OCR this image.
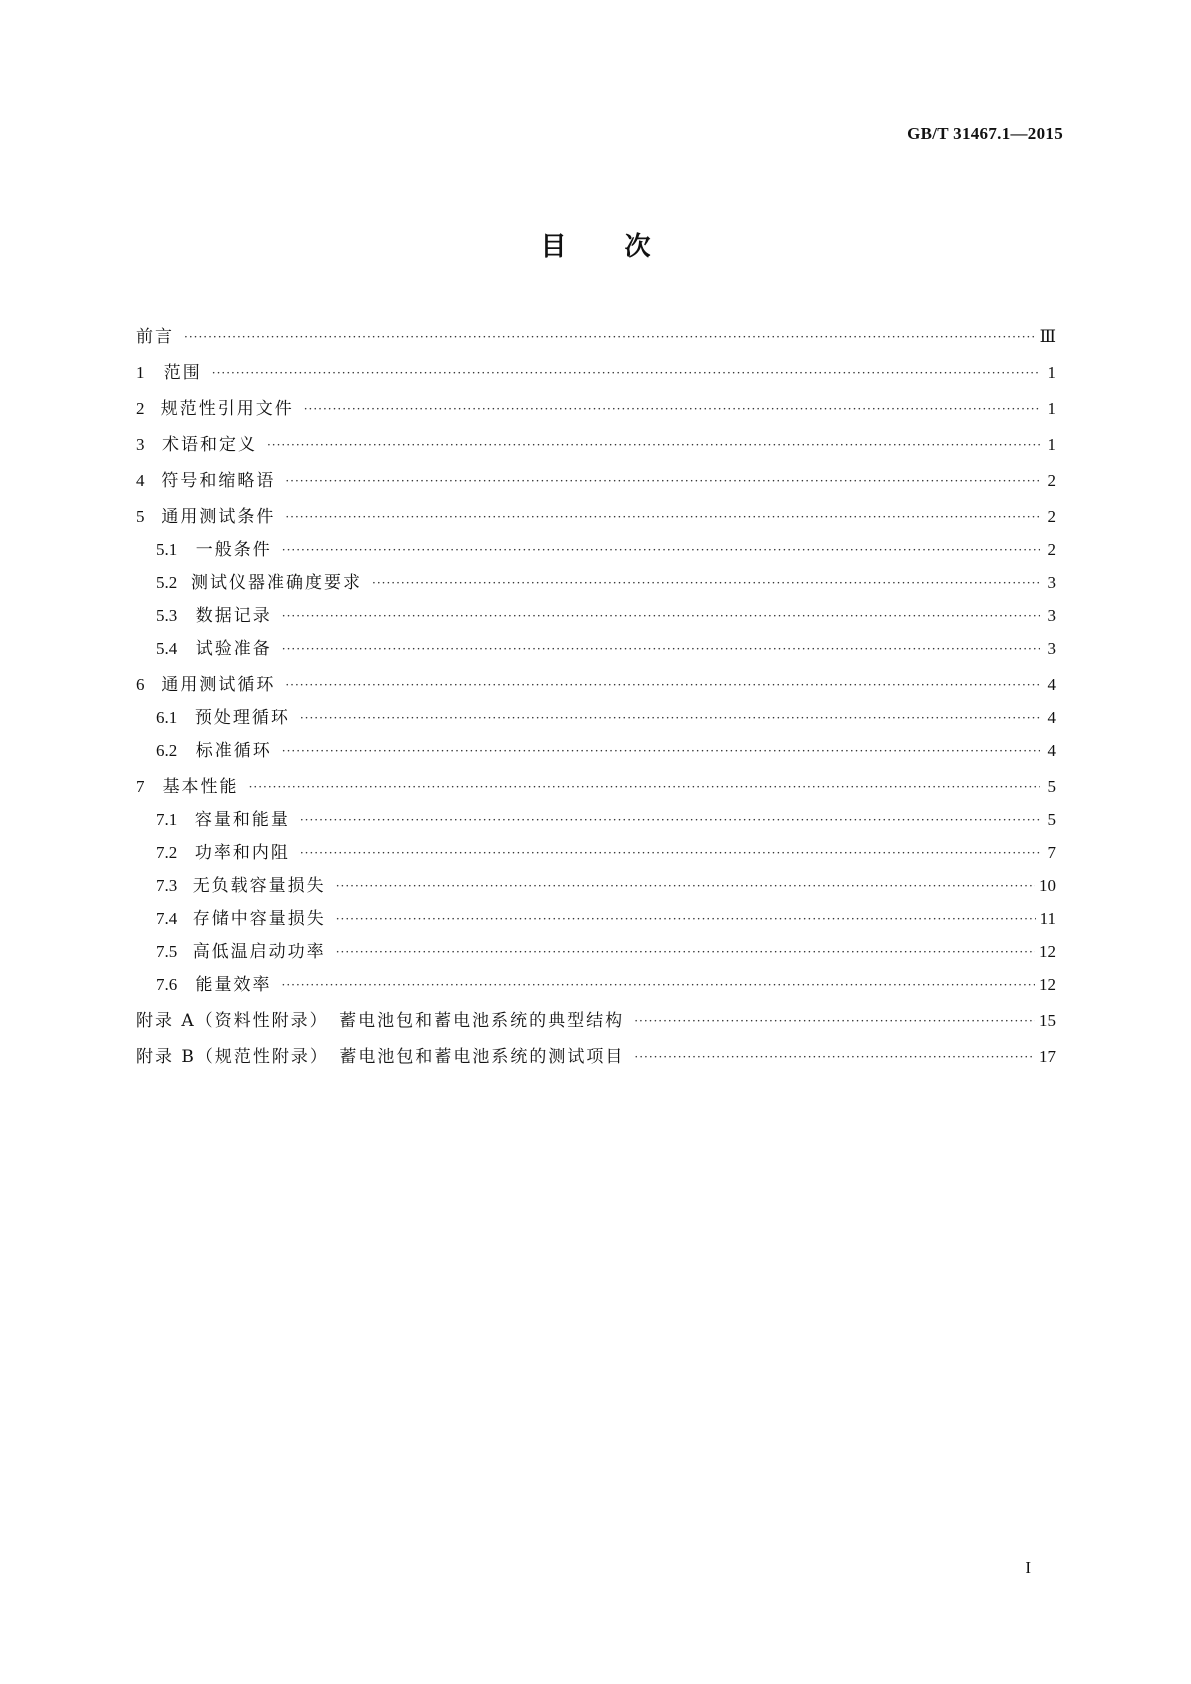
GB/T 31467.1—2015
目次
前言 ·····	Ⅲ
1	范围 ·····	1
2 规范性引用文件 ·····	1
3	术语和定义 ·····	1
4 符号和缩略语 ·····	2
5 通用测试条件 ·····	2
5.1	一般条件 ·····	2
5.2 测试仪器准确度要求 ·····	3
5.3	数据记录 ·····	3
5.4	试验准备 ·····	3
6 通用测试循环 ·····	4
6.1	预处理循环 ·····	4
6.2	标准循环 ·····	4
7	基本性能 ·····	5
7.1	容量和能量 ·····	5
7.2	功率和内阻 ·····	7
7.3 无负载容量损失 ·····	10
7.4 存储中容量损失 ·····	11
7.5 高低温启动功率 ·····	12
7.6	能量效率 ·····	12
附录 A（资料性附录）　蓄电池包和蓄电池系统的典型结构 ·····	15
附录 B（规范性附录）　蓄电池包和蓄电池系统的测试项目 ·····	17
I
